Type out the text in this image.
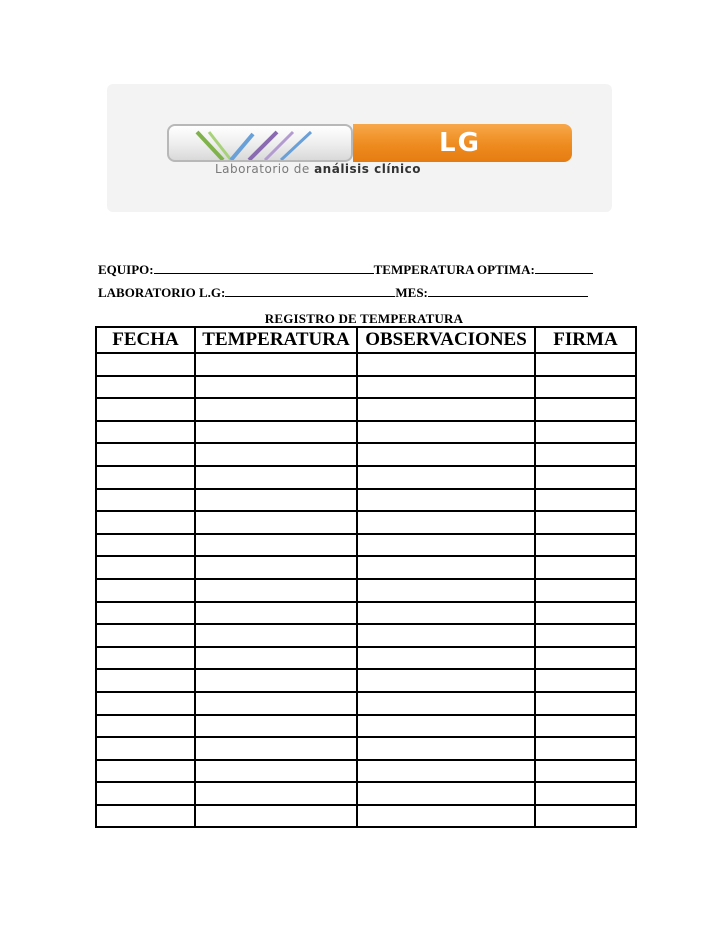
LG
Laboratorio de análisis clínico
EQUIPO:	TEMPERATURA OPTIMA:
LABORATORIO L.G:	MES:
REGISTRO DE TEMPERATURA
FECHA	TEMPERATURA	OBSERVACIONES	FIRMA
